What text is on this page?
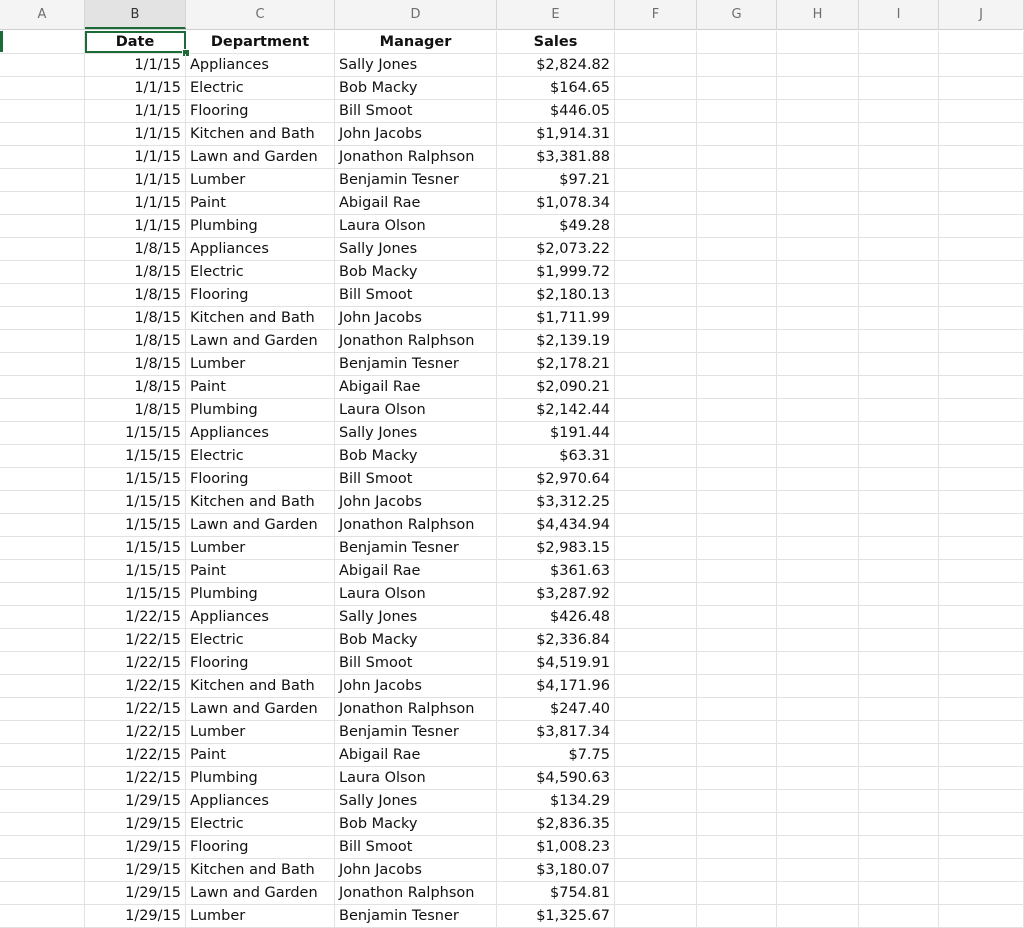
A	B	C	D	E	F	G	H	I	J
Date	Department	Manager	Sales
1/1/15 Appliances	Sally Jones	$2,824.82
1/1/15 Electric	Bob Macky	$164.65
1/1/15 Flooring	Bill Smoot	$446.05
1/1/15 Kitchen and Bath	John Jacobs	$1,914.31
1/1/15 Lawn and Garden	Jonathon Ralphson	$3,381.88
1/1/15 Lumber	Benjamin Tesner	$97.21
1/1/15 Paint	Abigail Rae	$1,078.34
1/1/15 Plumbing	Laura Olson	$49.28
1/8/15 Appliances	Sally Jones	$2,073.22
1/8/15 Electric	Bob Macky	$1,999.72
1/8/15 Flooring	Bill Smoot	$2,180.13
1/8/15 Kitchen and Bath	John Jacobs	$1,711.99
1/8/15 Lawn and Garden	Jonathon Ralphson	$2,139.19
1/8/15 Lumber	Benjamin Tesner	$2,178.21
1/8/15 Paint	Abigail Rae	$2,090.21
1/8/15 Plumbing	Laura Olson	$2,142.44
1/15/15 Appliances	Sally Jones	$191.44
1/15/15 Electric	Bob Macky	$63.31
1/15/15 Flooring	Bill Smoot	$2,970.64
1/15/15 Kitchen and Bath	John Jacobs	$3,312.25
1/15/15 Lawn and Garden	Jonathon Ralphson	$4,434.94
1/15/15 Lumber	Benjamin Tesner	$2,983.15
1/15/15 Paint	Abigail Rae	$361.63
1/15/15 Plumbing	Laura Olson	$3,287.92
1/22/15 Appliances	Sally Jones	$426.48
1/22/15 Electric	Bob Macky	$2,336.84
1/22/15 Flooring	Bill Smoot	$4,519.91
1/22/15 Kitchen and Bath	John Jacobs	$4,171.96
1/22/15 Lawn and Garden	Jonathon Ralphson	$247.40
1/22/15 Lumber	Benjamin Tesner	$3,817.34
1/22/15 Paint	Abigail Rae	$7.75
1/22/15 Plumbing	Laura Olson	$4,590.63
1/29/15 Appliances	Sally Jones	$134.29
1/29/15 Electric	Bob Macky	$2,836.35
1/29/15 Flooring	Bill Smoot	$1,008.23
1/29/15 Kitchen and Bath	John Jacobs	$3,180.07
1/29/15 Lawn and Garden	Jonathon Ralphson	$754.81
1/29/15 Lumber	Benjamin Tesner	$1,325.67
